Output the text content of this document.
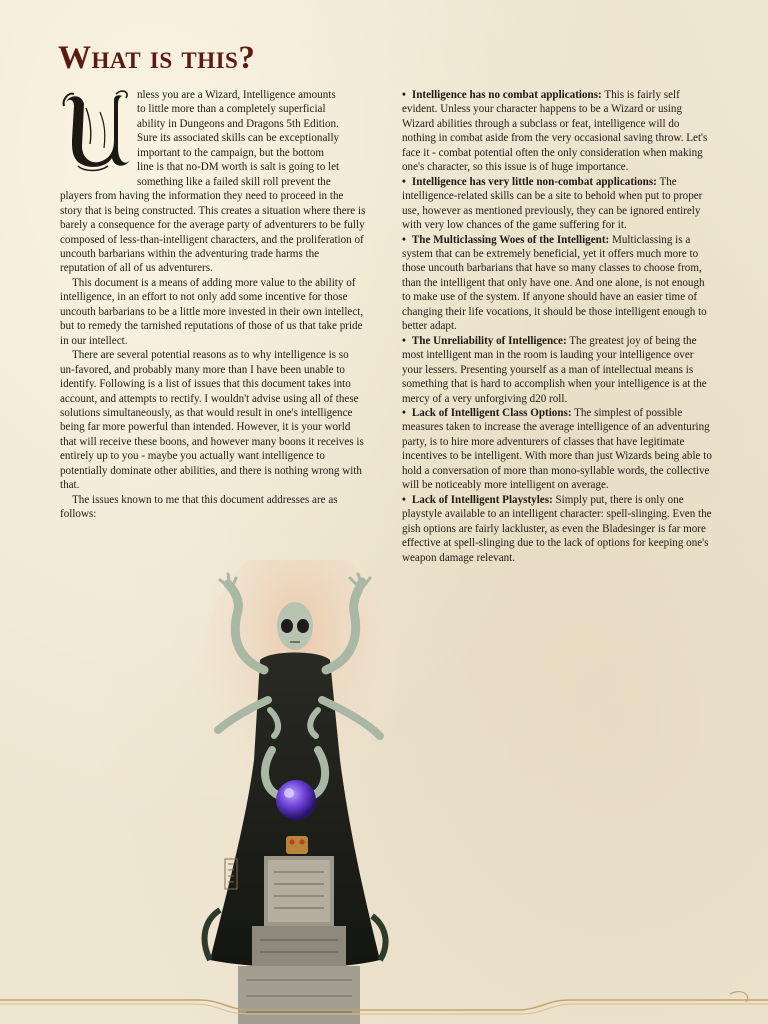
What is this?
nless you are a Wizard, Intelligence amounts
to little more than a completely superficial
ability in Dungeons and Dragons 5th Edition.
Sure its associated skills can be exceptionally
important to the campaign, but the bottom
line is that no-DM worth is salt is going to let
something like a failed skill roll prevent the

players from having the information they need to proceed in the story that is being constructed. This creates a situation where there is barely a consequence for the average party of adventurers to be fully composed of less-than-intelligent characters, and the proliferation of uncouth barbarians within the adventuring trade harms the reputation of all of us adventurers.

This document is a means of adding more value to the ability of intelligence, in an effort to not only add some incentive for those uncouth barbarians to be a little more invested in their own intellect, but to remedy the tarnished reputations of those of us that take pride in our intellect.

There are several potential reasons as to why intelligence is so un-favored, and probably many more than I have been unable to identify. Following is a list of issues that this document takes into account, and attempts to rectify. I wouldn't advise using all of these solutions simultaneously, as that would result in one's intelligence being far more powerful than intended. However, it is your world that will receive these boons, and however many boons it receives is entirely up to you - maybe you actually want intelligence to potentially dominate other abilities, and there is nothing wrong with that.

The issues known to me that this document addresses are as follows:

• Intelligence has no combat applications: This is fairly self evident. Unless your character happens to be a Wizard or using Wizard abilities through a subclass or feat, intelligence will do nothing in combat aside from the very occasional saving throw. Let's face it - combat potential often the only consideration when making one's character, so this issue is of huge importance.

• Intelligence has very little non-combat applications: The intelligence-related skills can be a site to behold when put to proper use, however as mentioned previously, they can be ignored entirely with very low chances of the game suffering for it.

• The Multiclassing Woes of the Intelligent: Multiclassing is a system that can be extremely beneficial, yet it offers much more to those uncouth barbarians that have so many classes to choose from, than the intelligent that only have one. And one alone, is not enough to make use of the system. If anyone should have an easier time of changing their life vocations, it should be those intelligent enough to better adapt.

• The Unreliability of Intelligence: The greatest joy of being the most intelligent man in the room is lauding your intelligence over your lessers. Presenting yourself as a man of intellectual means is something that is hard to accomplish when your intelligence is at the mercy of a very unforgiving d20 roll.

• Lack of Intelligent Class Options: The simplest of possible measures taken to increase the average intelligence of an adventuring party, is to hire more adventurers of classes that have legitimate incentives to be intelligent. With more than just Wizards being able to hold a conversation of more than mono-syllable words, the collective will be noticeably more intelligent on average.

• Lack of Intelligent Playstyles: Simply put, there is only one playstyle available to an intelligent character: spell-slinging. Even the gish options are fairly lackluster, as even the Bladesinger is far more effective at spell-slinging due to the lack of options for keeping one's weapon damage relevant.
